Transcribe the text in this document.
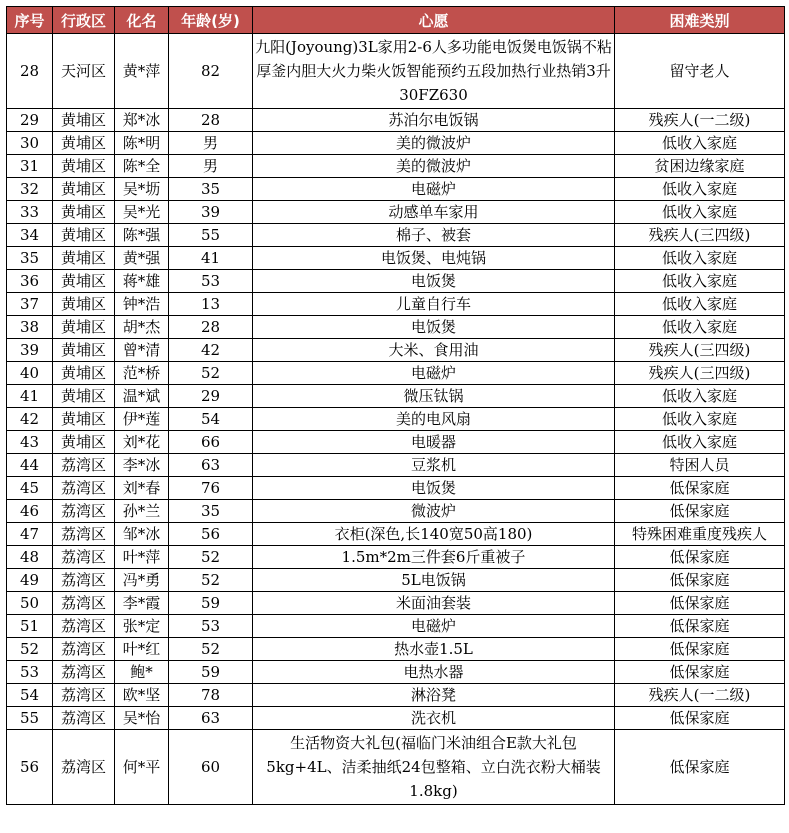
序号	行政区	化名	年龄(岁)	心愿	困难类别
28	天河区	黄*萍	82	九阳(Joyoung)3L家用2-6人多功能电饭煲电饭锅不粘厚釜内胆大火力柴火饭智能预约五段加热行业热销3升30FZ630	留守老人
29	黄埔区	郑*冰	28	苏泊尔电饭锅	残疾人(一二级)
30	黄埔区	陈*明	男	美的微波炉	低收入家庭
31	黄埔区	陈*全	男	美的微波炉	贫困边缘家庭
32	黄埔区	吴*坜	35	电磁炉	低收入家庭
33	黄埔区	吴*光	39	动感单车家用	低收入家庭
34	黄埔区	陈*强	55	棉子、被套	残疾人(三四级)
35	黄埔区	黄*强	41	电饭煲、电炖锅	低收入家庭
36	黄埔区	蒋*雄	53	电饭煲	低收入家庭
37	黄埔区	钟*浩	13	儿童自行车	低收入家庭
38	黄埔区	胡*杰	28	电饭煲	低收入家庭
39	黄埔区	曾*清	42	大米、食用油	残疾人(三四级)
40	黄埔区	范*桥	52	电磁炉	残疾人(三四级)
41	黄埔区	温*斌	29	微压钛锅	低收入家庭
42	黄埔区	伊*莲	54	美的电风扇	低收入家庭
43	黄埔区	刘*花	66	电暖器	低收入家庭
44	荔湾区	李*冰	63	豆浆机	特困人员
45	荔湾区	刘*春	76	电饭煲	低保家庭
46	荔湾区	孙*兰	35	微波炉	低保家庭
47	荔湾区	邹*冰	56	衣柜(深色,长140宽50高180)	特殊困难重度残疾人
48	荔湾区	叶*萍	52	1.5m*2m三件套6斤重被子	低保家庭
49	荔湾区	冯*勇	52	5L电饭锅	低保家庭
50	荔湾区	李*霞	59	米面油套装	低保家庭
51	荔湾区	张*定	53	电磁炉	低保家庭
52	荔湾区	叶*红	52	热水壶1.5L	低保家庭
53	荔湾区	鲍*	59	电热水器	低保家庭
54	荔湾区	欧*坚	78	淋浴凳	残疾人(一二级)
55	荔湾区	吴*怡	63	洗衣机	低保家庭
56	荔湾区	何*平	60	生活物资大礼包(福临门米油组合E款大礼包5kg+4L、洁柔抽纸24包整箱、立白洗衣粉大桶装1.8kg)	低保家庭
